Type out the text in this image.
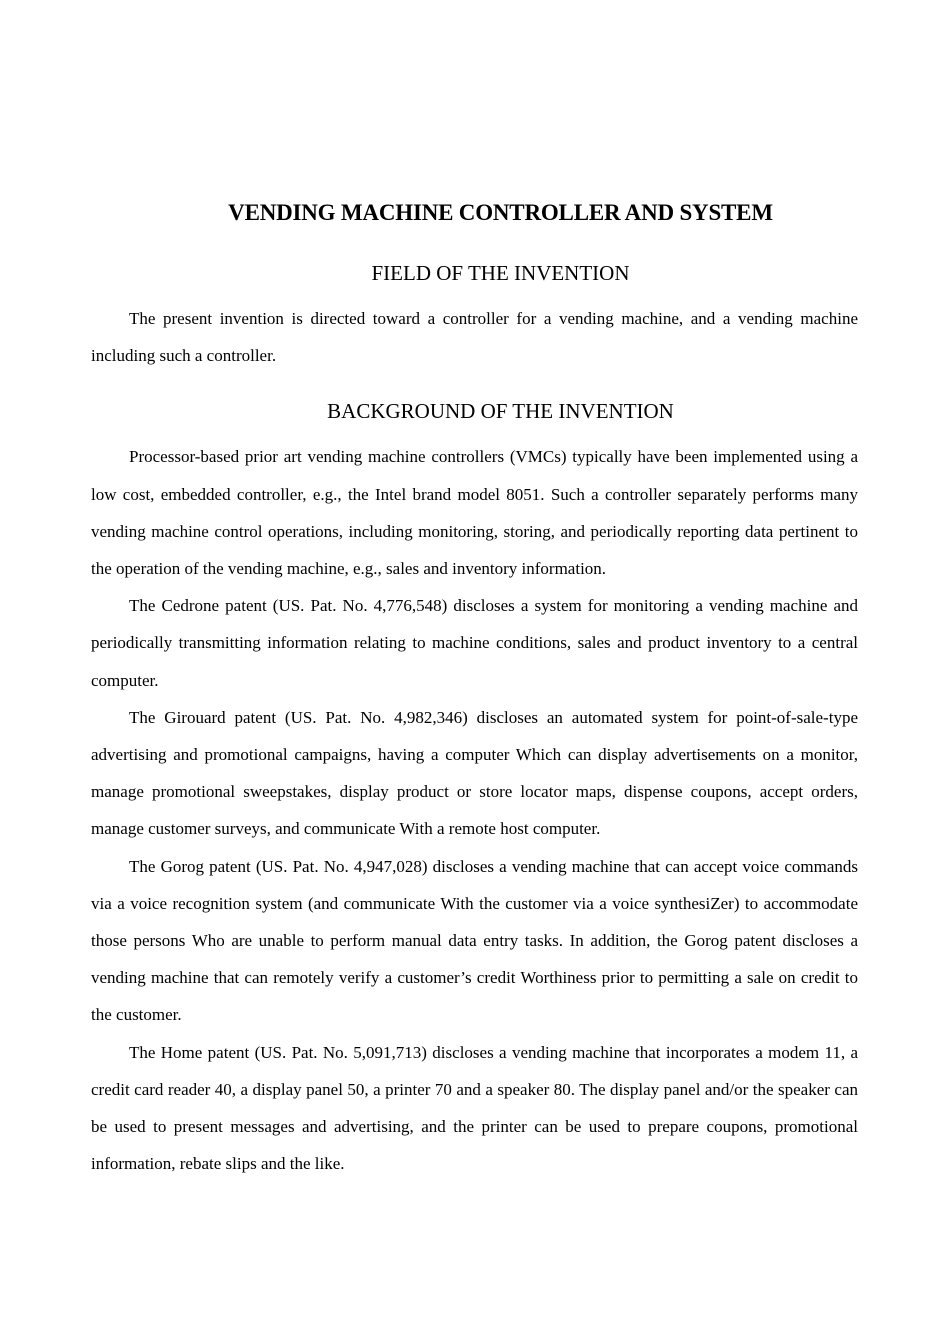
VENDING MACHINE CONTROLLER AND SYSTEM
FIELD OF THE INVENTION

The present invention is directed toward a controller for a vending machine, and a vending machine including such a controller.

BACKGROUND OF THE INVENTION

Processor-based prior art vending machine controllers (VMCs) typically have been implemented using a low cost, embedded controller, e.g., the Intel brand model 8051. Such a controller separately performs many vending machine control operations, including monitoring, storing, and periodically reporting data pertinent to the operation of the vending machine, e.g., sales and inventory information.

The Cedrone patent (US. Pat. No. 4,776,548) discloses a system for monitoring a vending machine and periodically transmitting information relating to machine conditions, sales and product inventory to a central computer.

The Girouard patent (US. Pat. No. 4,982,346) discloses an automated system for point-of-sale-type advertising and promotional campaigns, having a computer Which can display advertisements on a monitor, manage promotional sweepstakes, display product or store locator maps, dispense coupons, accept orders, manage customer surveys, and communicate With a remote host computer.

The Gorog patent (US. Pat. No. 4,947,028) discloses a vending machine that can accept voice commands via a voice recognition system (and communicate With the customer via a voice synthesiZer) to accommodate those persons Who are unable to perform manual data entry tasks. In addition, the Gorog patent discloses a vending machine that can remotely verify a customer’s credit Worthiness prior to permitting a sale on credit to the customer.

The Home patent (US. Pat. No. 5,091,713) discloses a vending machine that incorporates a modem 11, a credit card reader 40, a display panel 50, a printer 70 and a speaker 80. The display panel and/or the speaker can be used to present messages and advertising, and the printer can be used to prepare coupons, promotional information, rebate slips and the like.
